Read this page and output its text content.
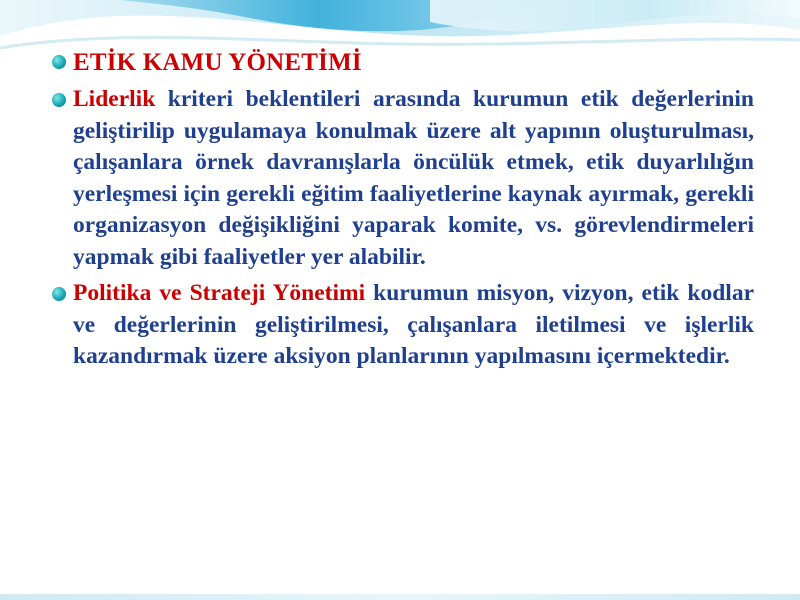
ETİK KAMU YÖNETİMİ

Liderlik kriteri beklentileri arasında kurumun etik değerlerinin geliştirilip uygulamaya konulmak üzere alt yapının oluşturulması, çalışanlara örnek davranışlarla öncülük etmek, etik duyarlılığın yerleşmesi için gerekli eğitim faaliyetlerine kaynak ayırmak, gerekli organizasyon değişikliğini yaparak komite, vs. görevlendirmeleri yapmak gibi faaliyetler yer alabilir.

Politika ve Strateji Yönetimi kurumun misyon, vizyon, etik kodlar ve değerlerinin geliştirilmesi, çalışanlara iletilmesi ve işlerlik kazandırmak üzere aksiyon planlarının yapılmasını içermektedir.
